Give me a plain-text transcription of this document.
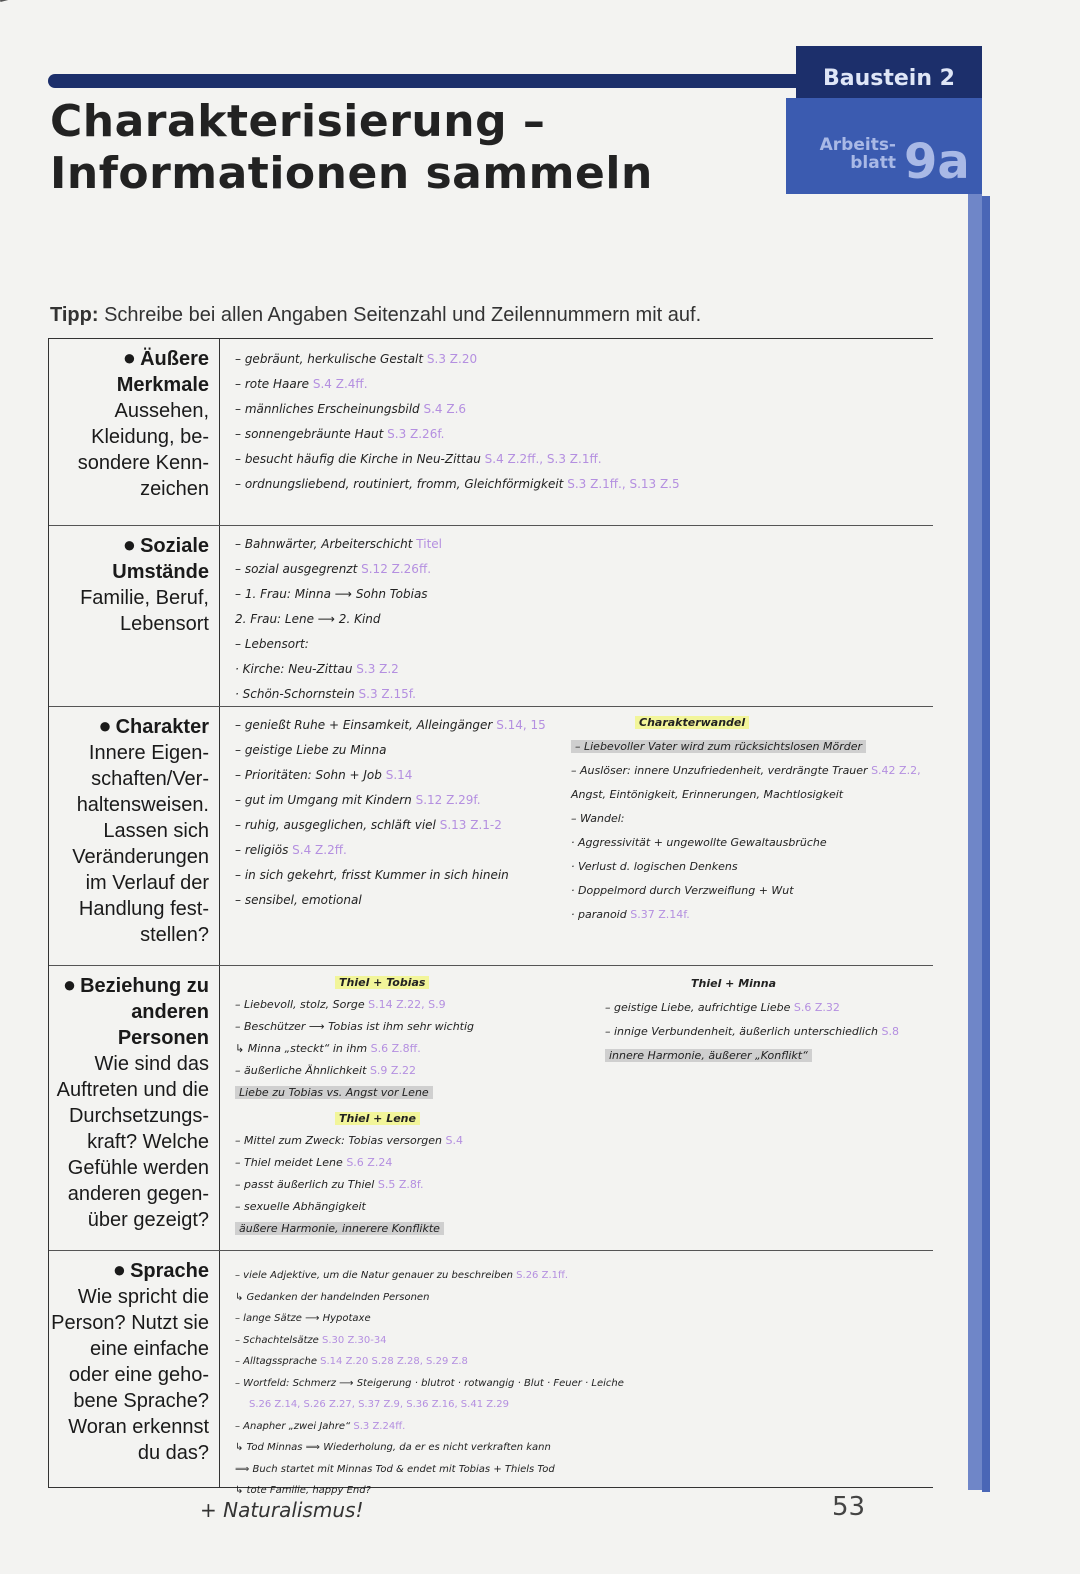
Charakterisierung –
Informationen sammeln
Baustein 2
Arbeits-
blatt 9a
Tipp: Schreibe bei allen Angaben Seitenzahl und Zeilennummern mit auf.
● Äußere Merkmale
Aussehen, Kleidung, be- sondere Kenn- zeichen
– gebräunt, herkulische Gestalt S.3 Z.20
– rote Haare S.4 Z.4ff.
– männliches Erscheinungsbild S.4 Z.6
– sonnengebräunte Haut S.3 Z.26f.
– besucht häufig die Kirche in Neu-Zittau S.4 Z.2ff., S.3 Z.1ff.
– ordnungsliebend, routiniert, fromm, Gleichförmigkeit S.3 Z.1ff., S.13 Z.5
● Soziale Umstände
Familie, Beruf, Lebensort
– Bahnwärter, Arbeiterschicht Titel
– sozial ausgegrenzt S.12 Z.26ff.
– 1. Frau: Minna ⟶ Sohn Tobias
2. Frau: Lene ⟶ 2. Kind
– Lebensort:
· Kirche: Neu-Zittau S.3 Z.2
· Schön-Schornstein S.3 Z.15f.
● Charakter
Innere Eigen- schaften/Ver- haltensweisen. Lassen sich Veränderungen im Verlauf der Handlung fest- stellen?
– genießt Ruhe + Einsamkeit, Alleingänger S.14, 15
– geistige Liebe zu Minna
– Prioritäten: Sohn + Job S.14
– gut im Umgang mit Kindern S.12 Z.29f.
– ruhig, ausgeglichen, schläft viel S.13 Z.1-2
– religiös S.4 Z.2ff.
– in sich gekehrt, frisst Kummer in sich hinein
– sensibel, emotional
Charakterwandel
– Liebevoller Vater wird zum rücksichtslosen Mörder
– Auslöser: innere Unzufriedenheit, verdrängte Trauer S.42 Z.2,
Angst, Eintönigkeit, Erinnerungen, Machtlosigkeit
– Wandel:
· Aggressivität + ungewollte Gewaltausbrüche
· Verlust d. logischen Denkens
· Doppelmord durch Verzweiflung + Wut
· paranoid S.37 Z.14f.
● Beziehung zu anderen Personen
Wie sind das Auftreten und die Durchsetzungs- kraft? Welche Gefühle werden anderen gegen- über gezeigt?
Thiel + Tobias
– Liebevoll, stolz, Sorge S.14 Z.22, S.9
– Beschützer ⟶ Tobias ist ihm sehr wichtig
↳ Minna „steckt“ in ihm S.6 Z.8ff.
– äußerliche Ähnlichkeit S.9 Z.22
Liebe zu Tobias vs. Angst vor Lene
Thiel + Lene
– Mittel zum Zweck: Tobias versorgen S.4
– Thiel meidet Lene S.6 Z.24
– passt äußerlich zu Thiel S.5 Z.8f.
– sexuelle Abhängigkeit
äußere Harmonie, innerere Konflikte
Thiel + Minna
– geistige Liebe, aufrichtige Liebe S.6 Z.32
– innige Verbundenheit, äußerlich unterschiedlich S.8
innere Harmonie, äußerer „Konflikt“
● Sprache
Wie spricht die Person? Nutzt sie eine einfache oder eine geho- bene Sprache? Woran erkennst du das?
– viele Adjektive, um die Natur genauer zu beschreiben S.26 Z.1ff.
↳ Gedanken der handelnden Personen
– lange Sätze ⟶ Hypotaxe
– Schachtelsätze S.30 Z.30-34
– Alltagssprache S.14 Z.20 S.28 Z.28, S.29 Z.8
– Wortfeld: Schmerz ⟶ Steigerung · blutrot · rotwangig · Blut · Feuer · Leiche
S.26 Z.14, S.26 Z.27, S.37 Z.9, S.36 Z.16, S.41 Z.29
– Anapher „zwei Jahre“ S.3 Z.24ff.
↳ Tod Minnas ⟹ Wiederholung, da er es nicht verkraften kann
⟹ Buch startet mit Minnas Tod & endet mit Tobias + Thiels Tod
↳ tote Familie, happy End?
+ Naturalismus!	53
